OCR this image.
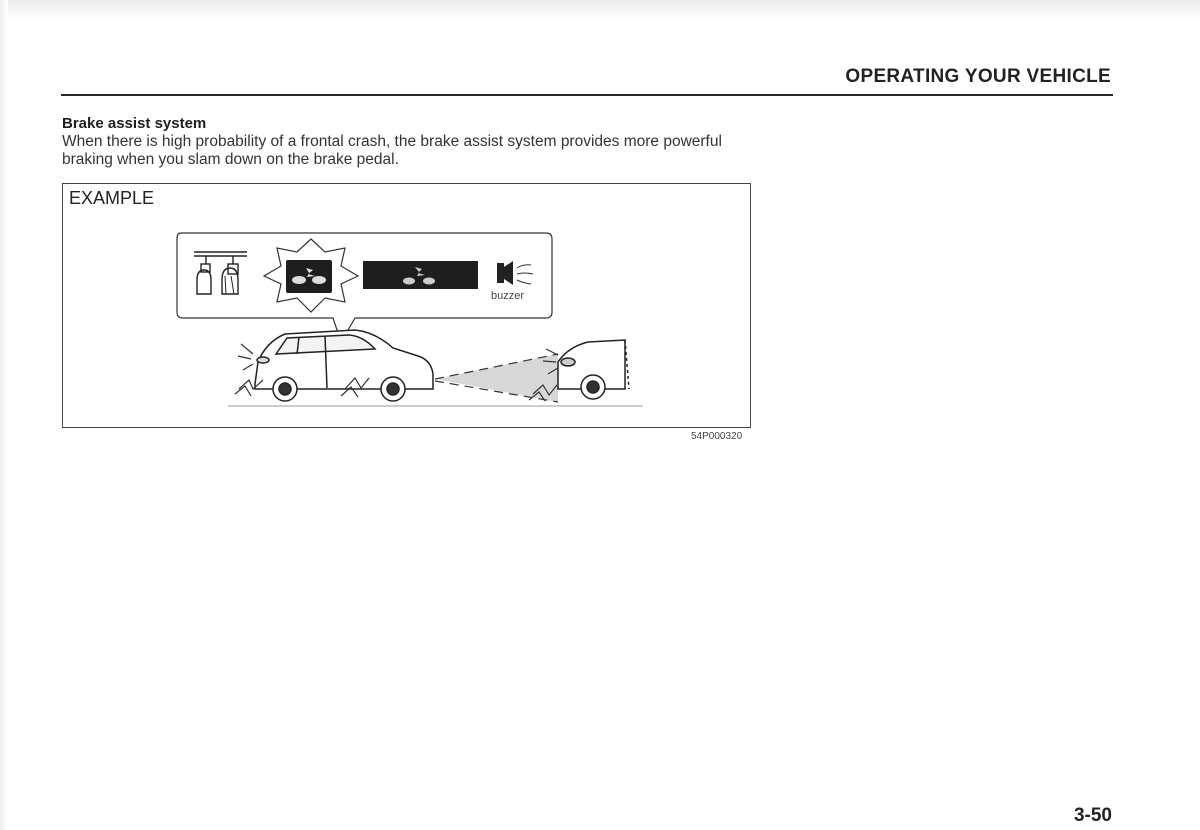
OPERATING YOUR VEHICLE
Brake assist system
When there is high probability of a frontal crash, the brake assist system provides more powerful braking when you slam down on the brake pedal.
EXAMPLE
buzzer
54P000320
3-50
